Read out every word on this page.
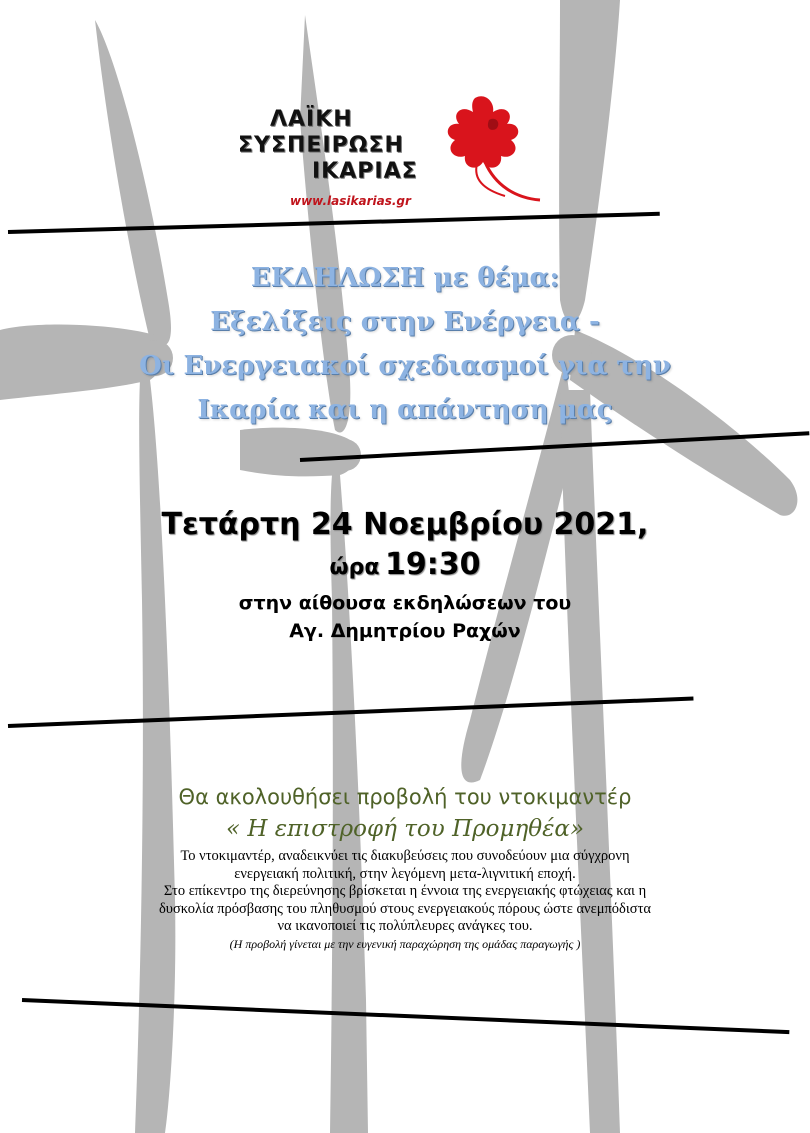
ΛΑΪΚΗ
ΣΥΣΠΕΙΡΩΣΗ
ΙΚΑΡΙΑΣ
www.lasikarias.gr
ΕΚΔΗΛΩΣΗ με θέμα:
Εξελίξεις στην Ενέργεια -
Οι Ενεργειακοί σχεδιασμοί για την
Ικαρία και η απάντηση μας
Τετάρτη 24 Νοεμβρίου 2021,
ώρα 19:30
στην αίθουσα εκδηλώσεων του
Αγ. Δημητρίου Ραχών
Θα ακολουθήσει προβολή του ντοκιμαντέρ
« Η επιστροφή του Προμηθέα»

Το ντοκιμαντέρ, αναδεικνύει τις διακυβεύσεις που συνοδεύουν μια σύγχρονη

ενεργειακή πολιτική, στην λεγόμενη μετα-λιγνιτική εποχή.

Στο επίκεντρο της διερεύνησης βρίσκεται η έννοια της ενεργειακής φτώχειας και η

δυσκολία πρόσβασης του πληθυσμού στους ενεργειακούς πόρους ώστε ανεμπόδιστα

να ικανοποιεί τις πολύπλευρες ανάγκες του.

(Η προβολή γίνεται με την ευγενική παραχώρηση της ομάδας παραγωγής )
